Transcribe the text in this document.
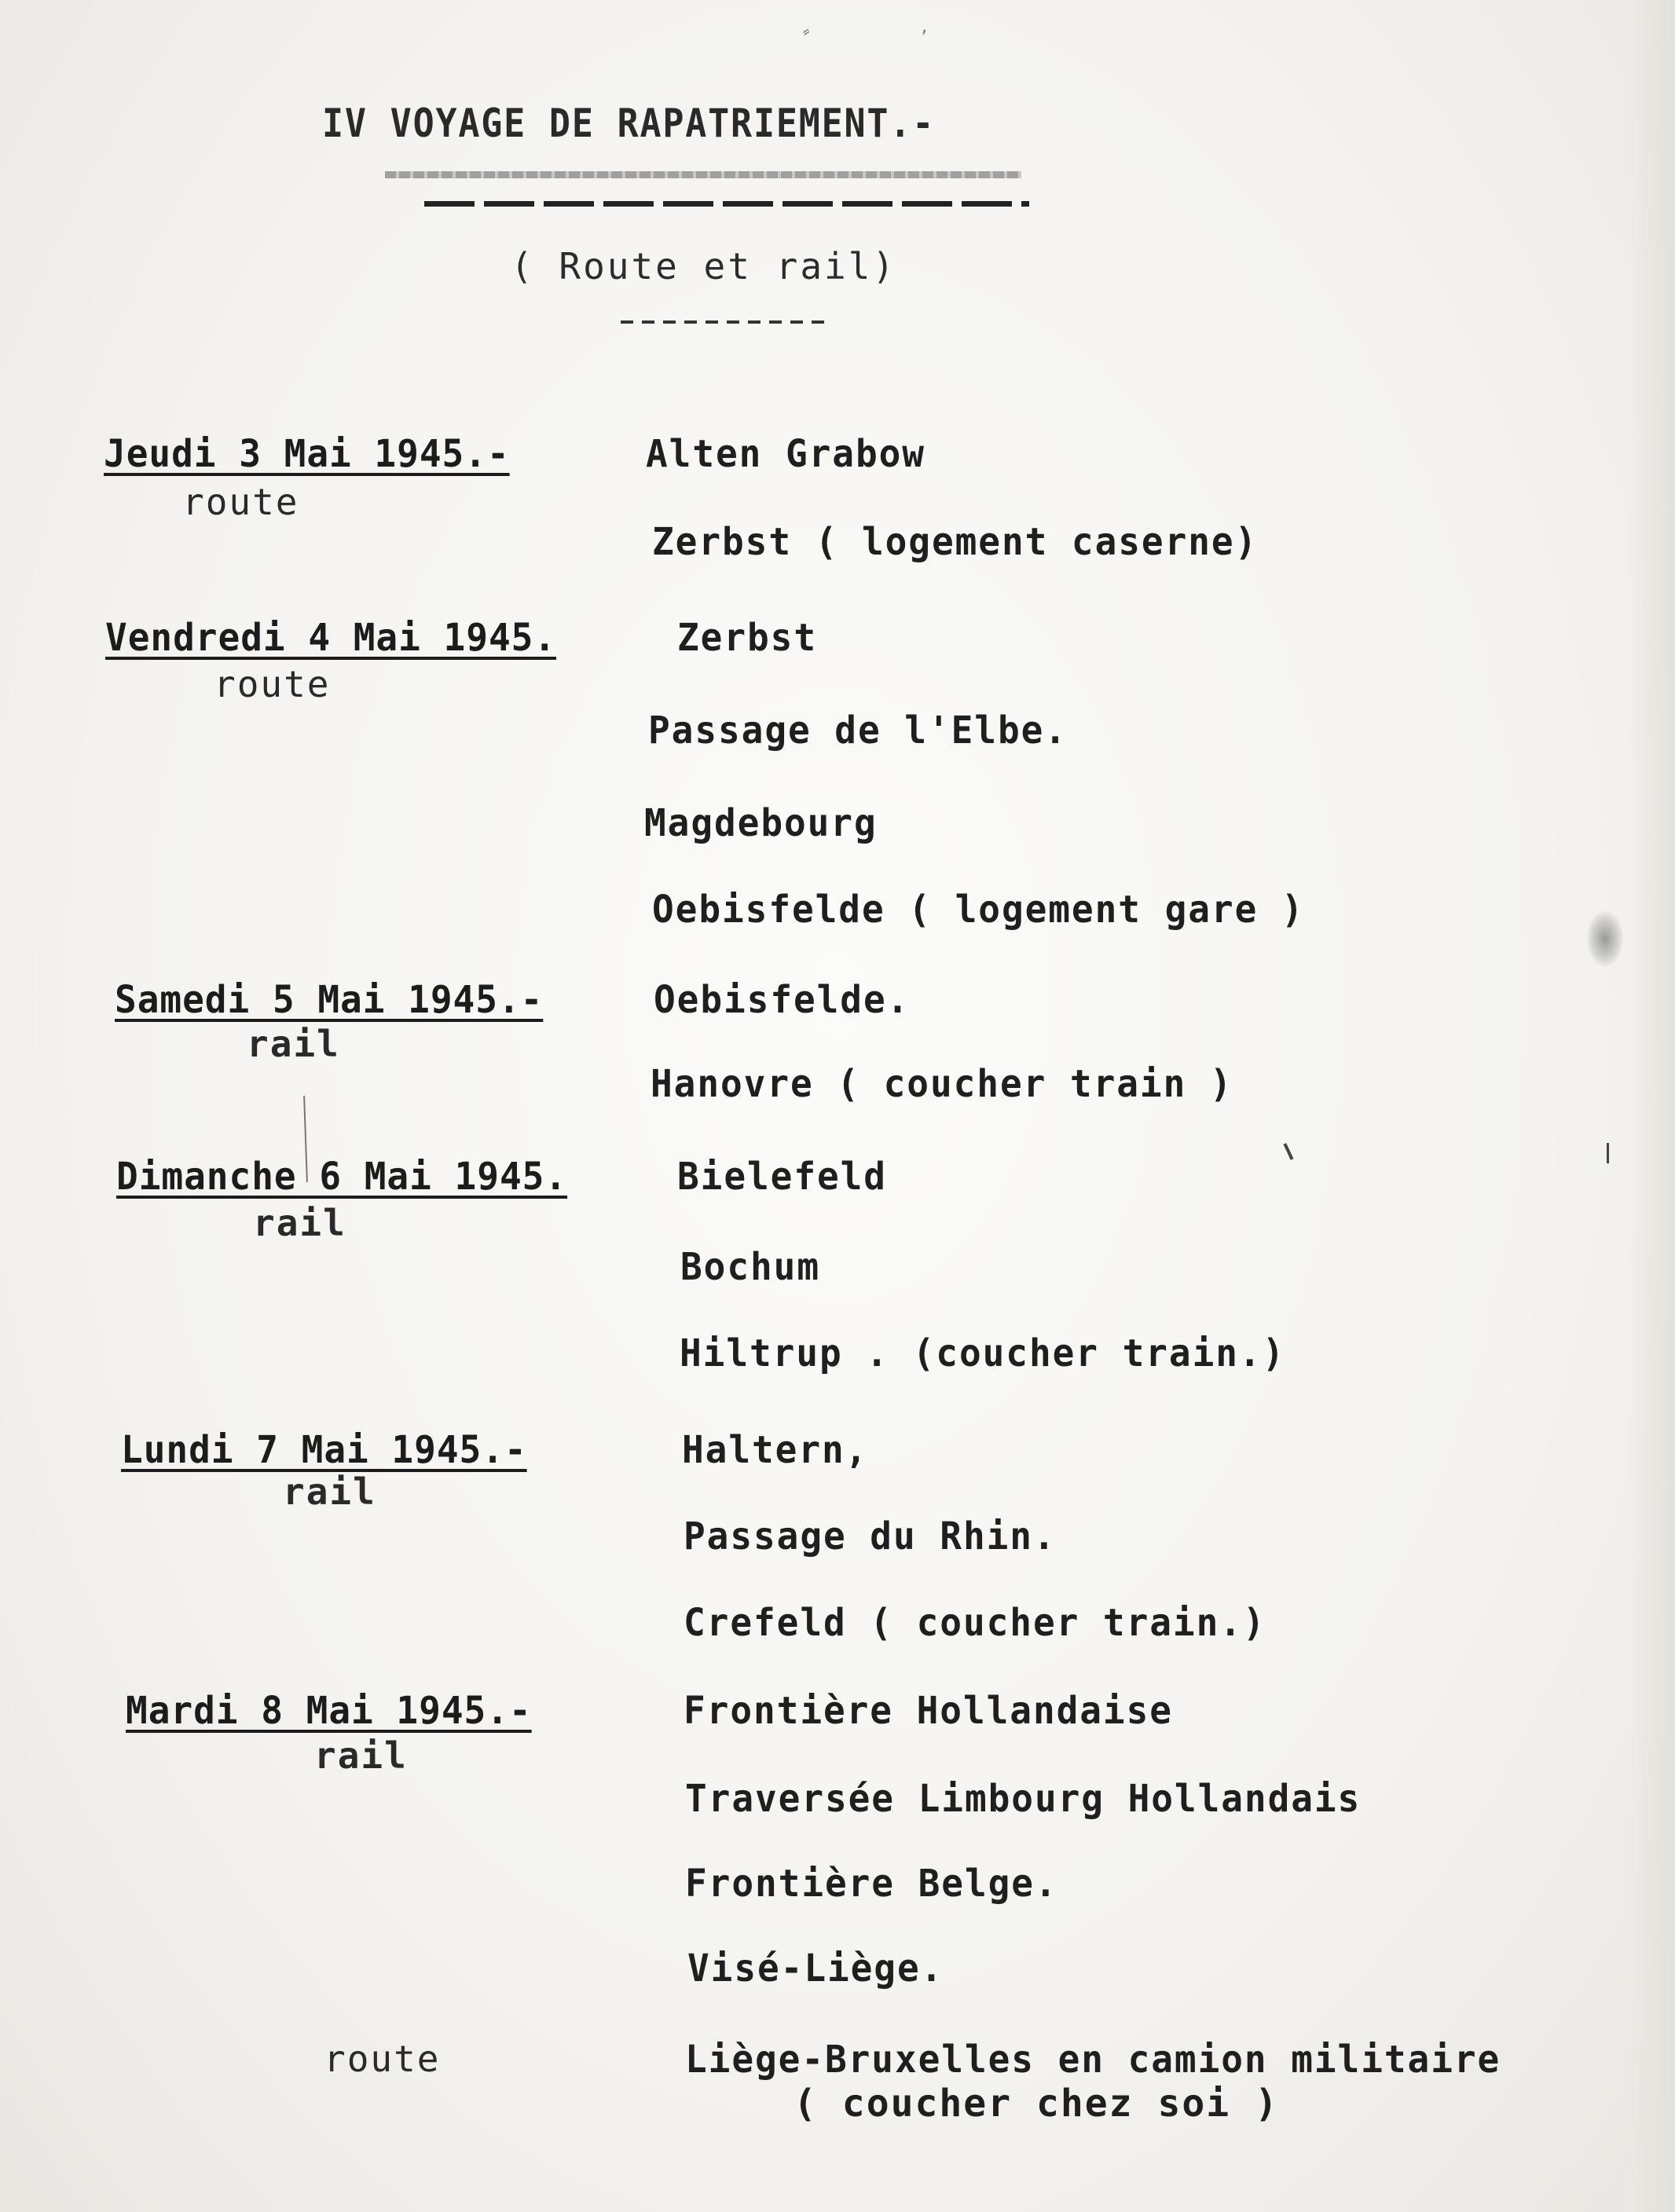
,
IV VOYAGE DE RAPATRIEMENT.-
( Route et rail)
Jeudi 3 Mai 1945.-
route
Alten Grabow
Zerbst ( logement caserne)
Vendredi 4 Mai 1945.
route
Zerbst
Passage de l'Elbe.
Magdebourg
Oebisfelde ( logement gare )
Samedi 5 Mai 1945.-
rail
Oebisfelde.
Hanovre ( coucher train )
Dimanche 6 Mai 1945.
rail
Bielefeld
Bochum
Hiltrup . (coucher train.)
Lundi 7 Mai 1945.-
rail
Haltern,
Passage du Rhin.
Crefeld ( coucher train.)
Mardi 8 Mai 1945.-
rail
Frontière Hollandaise
Traversée Limbourg Hollandais
Frontière Belge.
Visé-Liège.
route	Liège-Bruxelles en camion militaire
( coucher chez soi )
